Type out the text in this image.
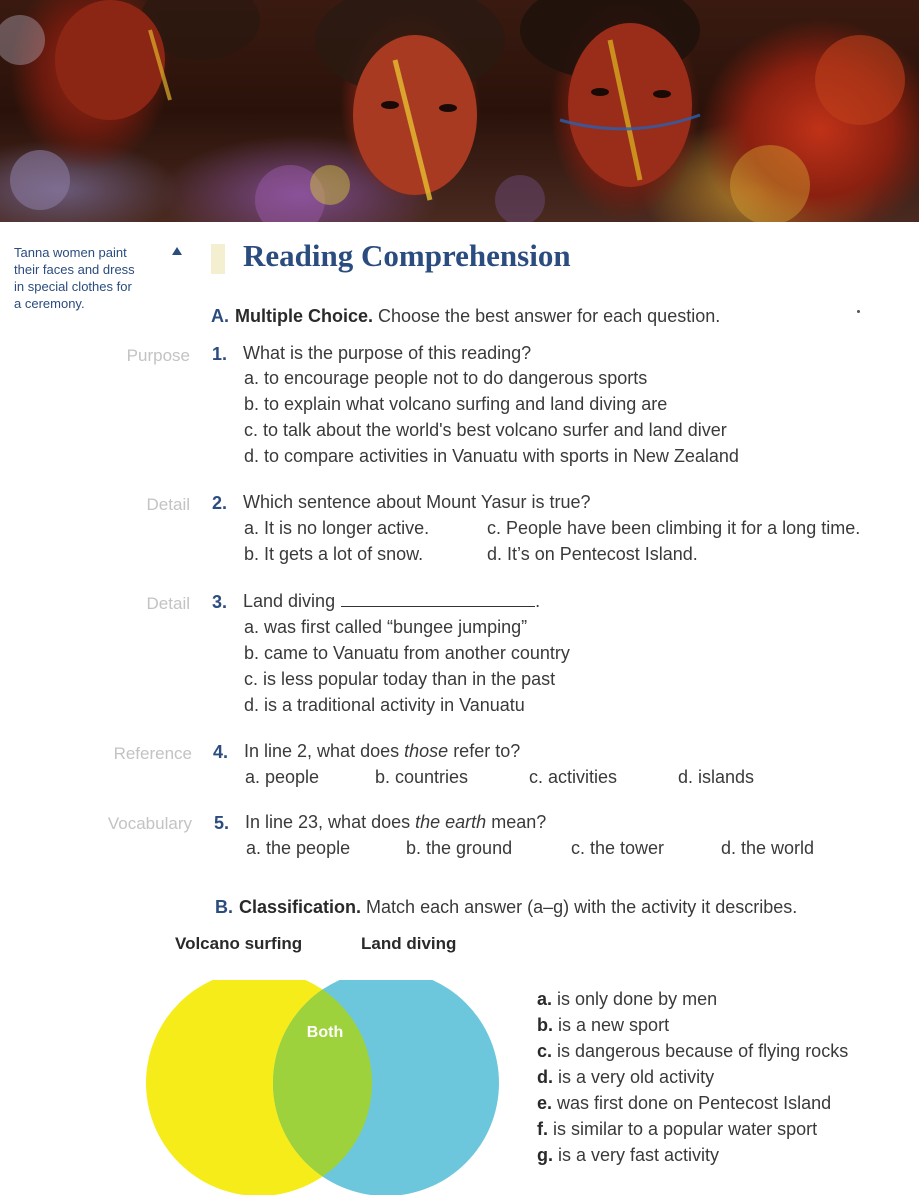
Tanna women paint
their faces and dress
in special clothes for
a ceremony.
Reading Comprehension
A. Multiple Choice. Choose the best answer for each question.
Purpose 1. What is the purpose of this reading?
a. to encourage people not to do dangerous sports
b. to explain what volcano surfing and land diving are
c. to talk about the world's best volcano surfer and land diver
d. to compare activities in Vanuatu with sports in New Zealand
Detail 2. Which sentence about Mount Yasur is true?
a. It is no longer active.	c. People have been climbing it for a long time.
b. It gets a lot of snow.	d. It’s on Pentecost Island.
Detail 3. Land diving	.
a. was first called “bungee jumping”
b. came to Vanuatu from another country
c. is less popular today than in the past
d. is a traditional activity in Vanuatu
Reference 4. In line 2, what does those refer to?
a. people	b. countries	c. activities	d. islands
Vocabulary 5. In line 23, what does the earth mean?
a. the people	b. the ground	c. the tower	d. the world
B. Classification. Match each answer (a–g) with the activity it describes.
Volcano surfing	Land diving
Both
a. is only done by men
b. is a new sport
c. is dangerous because of flying rocks
d. is a very old activity
e. was first done on Pentecost Island
f. is similar to a popular water sport
g. is a very fast activity
